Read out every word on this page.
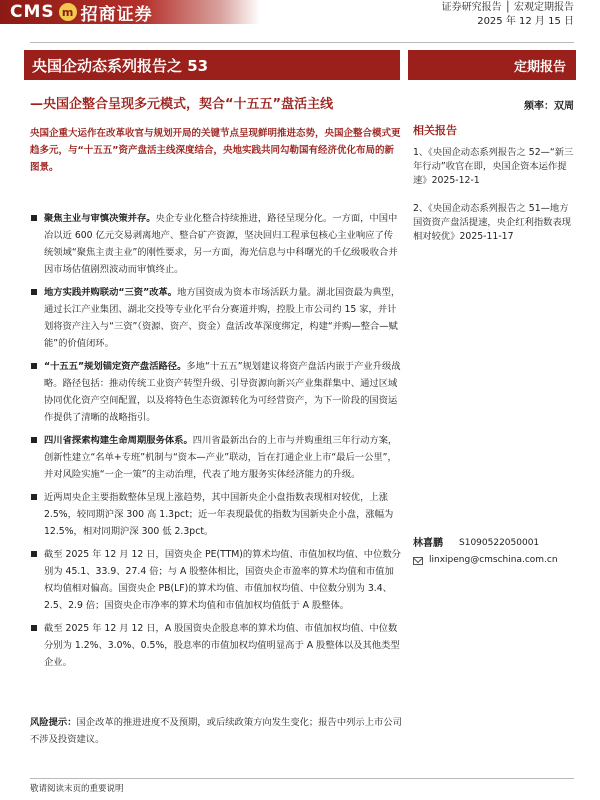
CMS m 招商证券	证券研究报告 │ 宏观定期报告
2025 年 12 月 15 日
央国企动态系列报告之 53	定期报告
—央国企整合呈现多元模式，契合“十五五”盘活主线	频率：双周
央国企重大运作在改革收官与规划开局的关键节点呈现鲜明推进态势，央国企整合模式更趋多元，与“十五五”资产盘活主线深度结合，央地实践共同勾勒国有经济优化布局的新图景。
聚焦主业与审慎决策并存。央企专业化整合持续推进，路径呈现分化。一方面，中国中冶以近 600 亿元交易剥离地产、整合矿产资源，坚决回归工程承包核心主业响应了传统领域“聚焦主责主业”的刚性要求，另一方面，海光信息与中科曙光的千亿级吸收合并因市场估值剧烈波动而审慎终止。
地方实践并购联动“三资”改革。地方国资成为资本市场活跃力量。湖北国资最为典型，通过长江产业集团、湖北交投等专业化平台分赛道并购，控股上市公司约 15 家，并计划将资产注入与“三资”（资源、资产、资金）盘活改革深度绑定，构建“并购—整合—赋能”的价值闭环。
“十五五”规划锚定资产盘活路径。多地“十五五”规划建议将资产盘活内嵌于产业升级战略。路径包括：推动传统工业资产转型升级、引导资源向新兴产业集群集中、通过区域协同优化资产空间配置，以及将特色生态资源转化为可经营资产，为下一阶段的国资运作提供了清晰的战略指引。
四川省探索构建生命周期服务体系。四川省最新出台的上市与并购重组三年行动方案，创新性建立“名单+专班”机制与“资本—产业”联动，旨在打通企业上市“最后一公里”，并对风险实施“一企一策”的主动治理，代表了地方服务实体经济能力的升级。
近两周央企主要指数整体呈现上涨趋势，其中国新央企小盘指数表现相对较优，上涨 2.5%，较同期沪深 300 高 1.3pct；近一年表现最优的指数为国新央企小盘，涨幅为 12.5%，相对同期沪深 300 低 2.3pct。
截至 2025 年 12 月 12 日，国资央企 PE(TTM)的算术均值、市值加权均值、中位数分别为 45.1、33.9、27.4 倍；与 A 股整体相比，国资央企市盈率的算术均值和市值加权均值相对偏高。国资央企 PB(LF)的算术均值、市值加权均值、中位数分别为 3.4、2.5、2.9 倍；国资央企市净率的算术均值和市值加权均值低于 A 股整体。
截至 2025 年 12 月 12 日，A 股国资央企股息率的算术均值、市值加权均值、中位数分别为 1.2%、3.0%、0.5%，股息率的市值加权均值明显高于 A 股整体以及其他类型企业。
相关报告
1、《央国企动态系列报告之 52—“新三年行动”收官在即，央国企资本运作提速》2025-12-1
2、《央国企动态系列报告之 51—地方国资资产盘活提速，央企红利指数表现相对较优》2025-11-17
林喜鹏 S1090522050001
linxipeng@cmschina.com.cn
风险提示：国企改革的推进进度不及预期，或后续政策方向发生变化；报告中列示上市公司不涉及投资建议。
敬请阅读末页的重要说明
